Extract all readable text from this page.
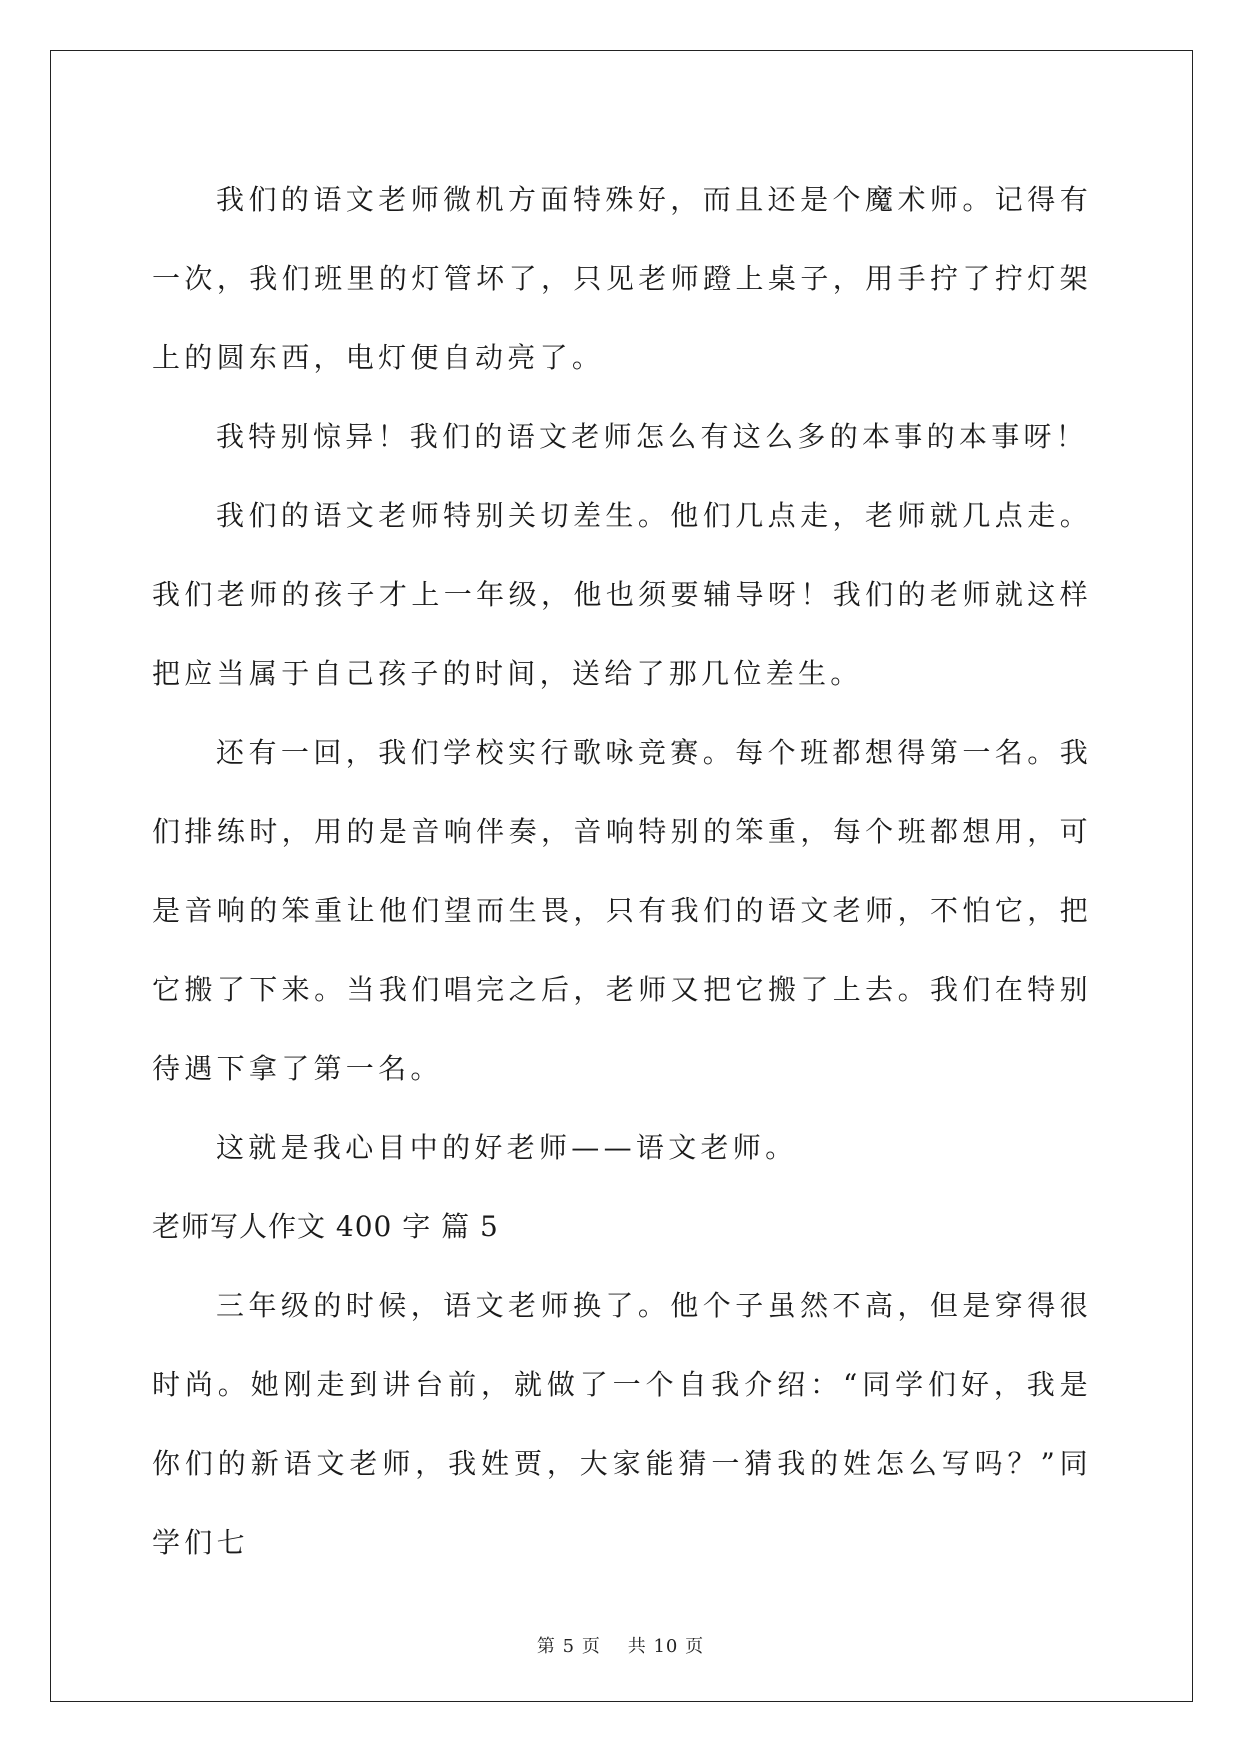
我们的语文老师微机方面特殊好，而且还是个魔术师。记得有一次，我们班里的灯管坏了，只见老师蹬上桌子，用手拧了拧灯架上的圆东西，电灯便自动亮了。

我特别惊异！我们的语文老师怎么有这么多的本事的本事呀！

我们的语文老师特别关切差生。他们几点走，老师就几点走。我们老师的孩子才上一年级，他也须要辅导呀！我们的老师就这样把应当属于自己孩子的时间，送给了那几位差生。

还有一回，我们学校实行歌咏竞赛。每个班都想得第一名。我们排练时，用的是音响伴奏，音响特别的笨重，每个班都想用，可是音响的笨重让他们望而生畏，只有我们的语文老师，不怕它，把它搬了下来。当我们唱完之后，老师又把它搬了上去。我们在特别待遇下拿了第一名。

这就是我心目中的好老师——语文老师。

老师写人作文 400 字 篇 5

三年级的时候，语文老师换了。他个子虽然不高，但是穿得很时尚。她刚走到讲台前，就做了一个自我介绍：“同学们好，我是你们的新语文老师，我姓贾，大家能猜一猜我的姓怎么写吗？”同学们七

第 5 页 共 10 页
